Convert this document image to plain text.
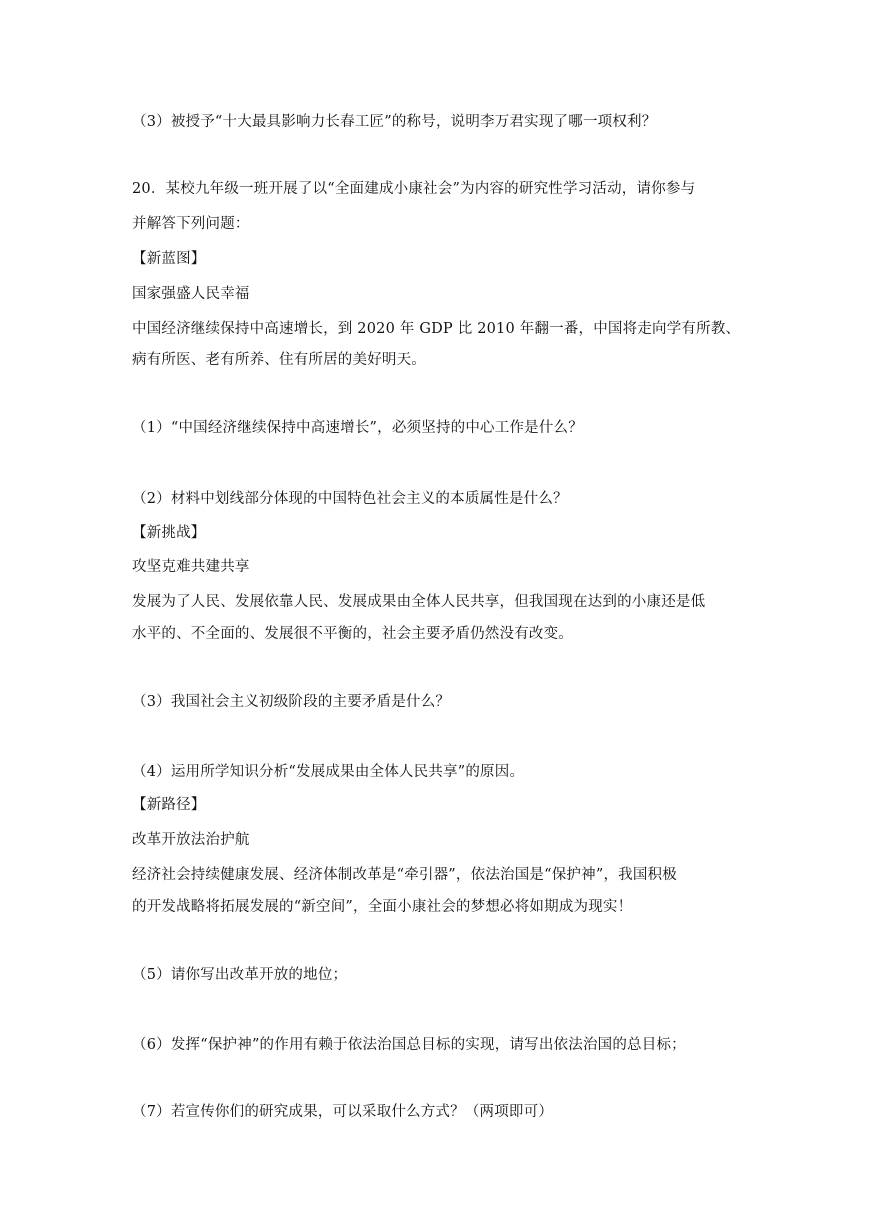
（3）被授予“十大最具影响力长春工匠”的称号，说明李万君实现了哪一项权利？
20．某校九年级一班开展了以“全面建成小康社会”为内容的研究性学习活动，请你参与
并解答下列问题：
【新蓝图】
国家强盛人民幸福
中国经济继续保持中高速增长，到 2020 年 GDP 比 2010 年翻一番，中国将走向学有所教、
病有所医、老有所养、住有所居的美好明天。
（1）“中国经济继续保持中高速增长”，必须坚持的中心工作是什么？
（2）材料中划线部分体现的中国特色社会主义的本质属性是什么？
【新挑战】
攻坚克难共建共享
发展为了人民、发展依靠人民、发展成果由全体人民共享，但我国现在达到的小康还是低
水平的、不全面的、发展很不平衡的，社会主要矛盾仍然没有改变。
（3）我国社会主义初级阶段的主要矛盾是什么？
（4）运用所学知识分析“发展成果由全体人民共享”的原因。
【新路径】
改革开放法治护航
经济社会持续健康发展、经济体制改革是“牵引器”，依法治国是“保护神”，我国积极
的开发战略将拓展发展的“新空间”，全面小康社会的梦想必将如期成为现实！
（5）请你写出改革开放的地位；
（6）发挥“保护神”的作用有赖于依法治国总目标的实现，请写出依法治国的总目标；
（7）若宣传你们的研究成果，可以采取什么方式？（两项即可）
